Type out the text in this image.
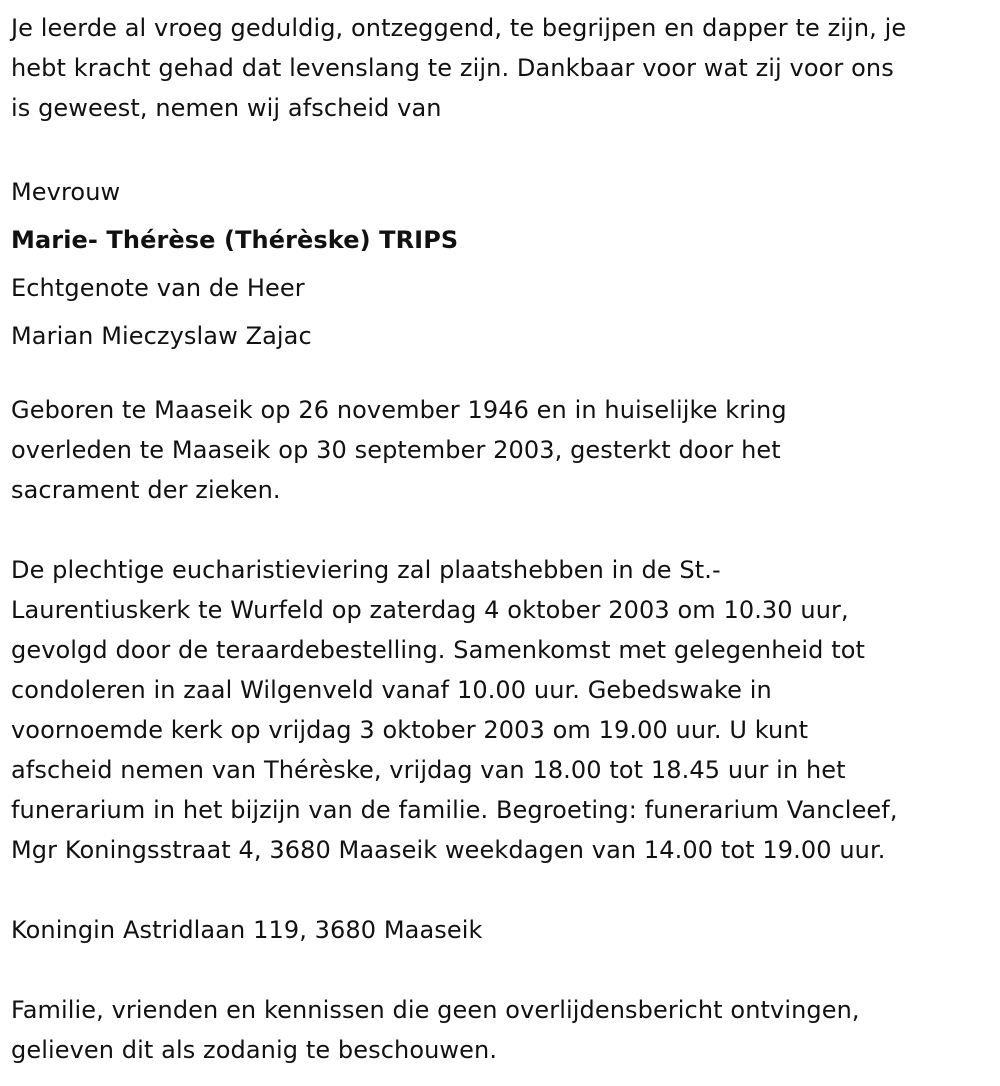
Je leerde al vroeg geduldig, ontzeggend, te begrijpen en dapper te zijn, je
hebt kracht gehad dat levenslang te zijn. Dankbaar voor wat zij voor ons
is geweest, nemen wij afscheid van

Mevrouw
Marie- Thérèse (Thérèske) TRIPS
Echtgenote van de Heer
Marian Mieczyslaw Zajac

Geboren te Maaseik op 26 november 1946 en in huiselijke kring
overleden te Maaseik op 30 september 2003, gesterkt door het
sacrament der zieken.

De plechtige eucharistieviering zal plaatshebben in de St.-
Laurentiuskerk te Wurfeld op zaterdag 4 oktober 2003 om 10.30 uur,
gevolgd door de teraardebestelling. Samenkomst met gelegenheid tot
condoleren in zaal Wilgenveld vanaf 10.00 uur. Gebedswake in
voornoemde kerk op vrijdag 3 oktober 2003 om 19.00 uur. U kunt
afscheid nemen van Thérèske, vrijdag van 18.00 tot 18.45 uur in het
funerarium in het bijzijn van de familie. Begroeting: funerarium Vancleef,
Mgr Koningsstraat 4, 3680 Maaseik weekdagen van 14.00 tot 19.00 uur.

Koningin Astridlaan 119, 3680 Maaseik

Familie, vrienden en kennissen die geen overlijdensbericht ontvingen,
gelieven dit als zodanig te beschouwen.
